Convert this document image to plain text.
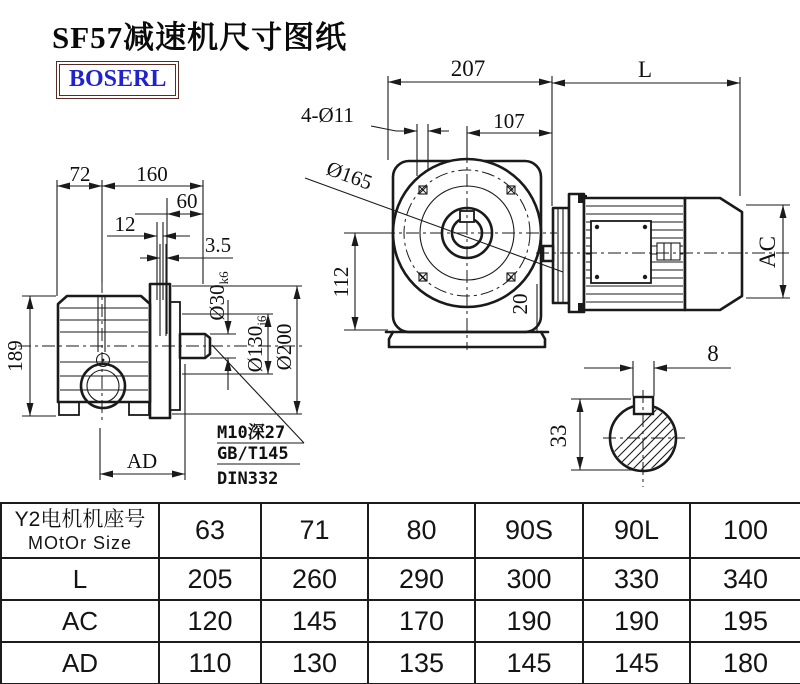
SF57减速机尺寸图纸
BOSERL
72 160
60
12
3.5
189
AD
Ø30k6
Ø130j6
Ø200
M10深27
GB/T145
DIN332
Ø165
4-Ø11
207
107
112
20
L
AC
8
33
Y2电机机座号
MOtOr Size	63	71	80	90S	90L	100
L	205	260	290	300	330	340
AC	120	145	170	190	190	195
AD	110	130	135	145	145	180
